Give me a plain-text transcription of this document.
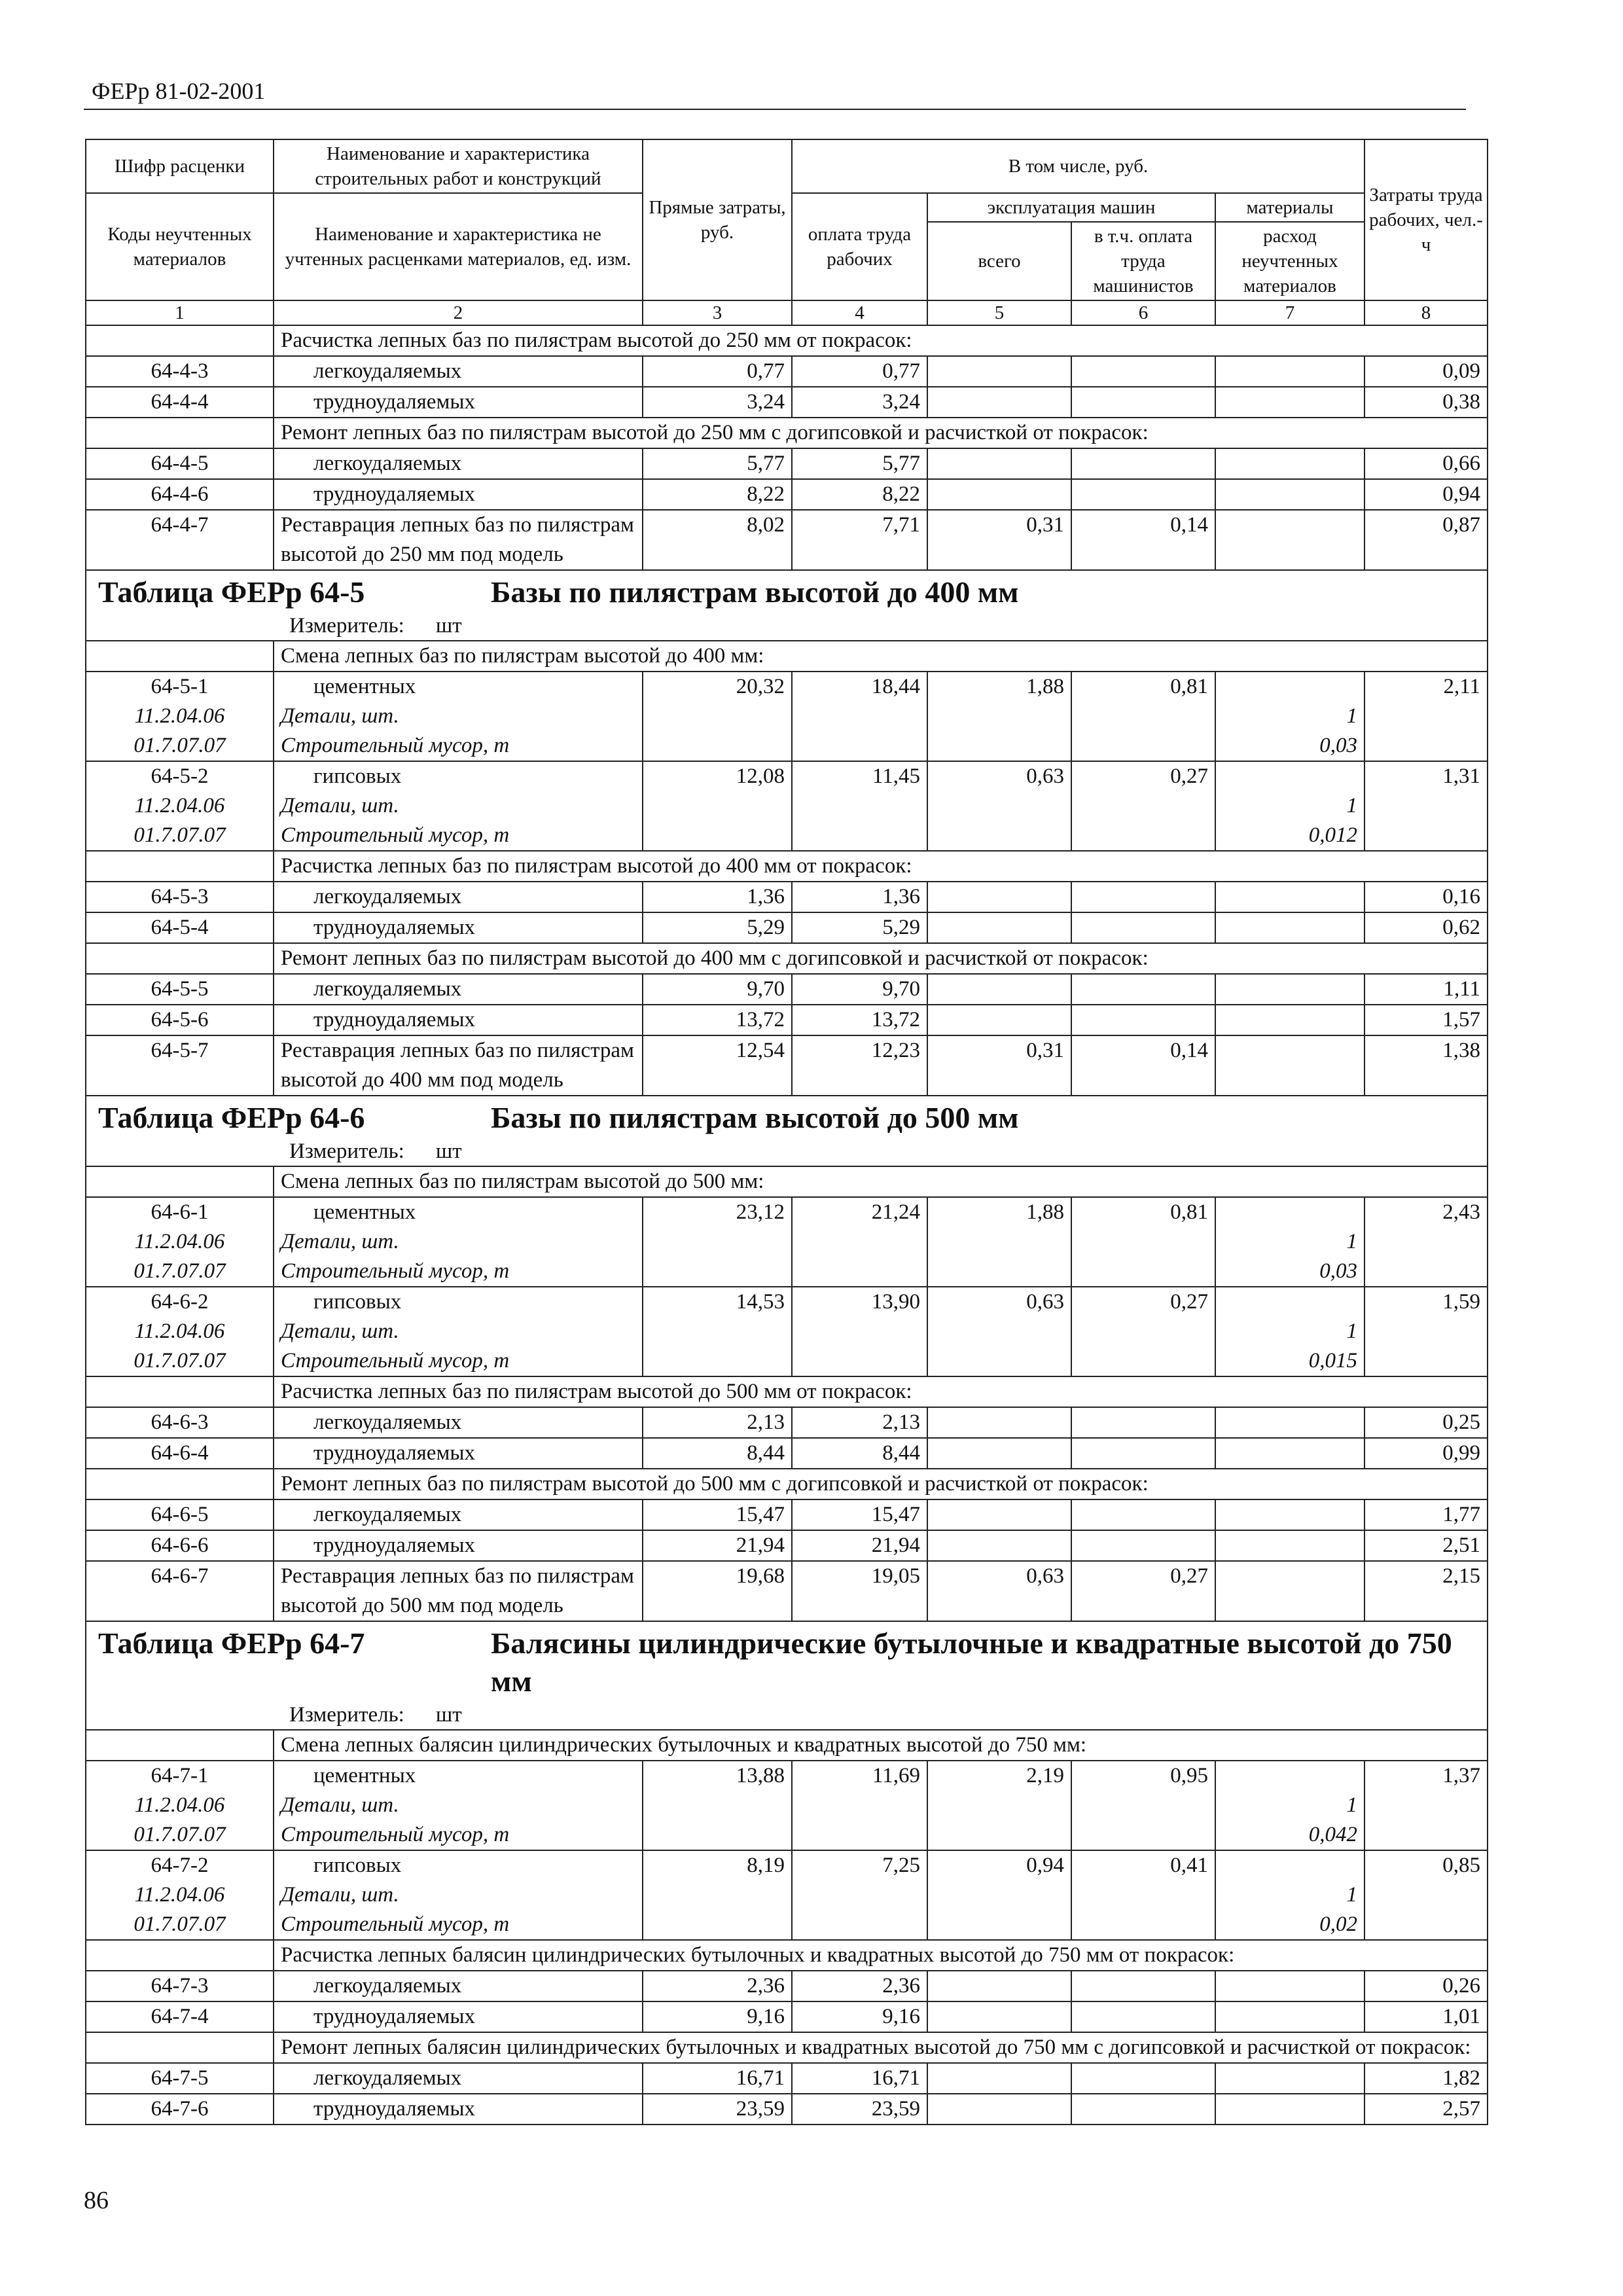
ФЕРр 81-02-2001
Шифр расценки	Наименование и характеристика строительных работ и конструкций	Прямые затраты, руб.	В том числе, руб.				Затраты труда рабочих, чел.-ч
Коды неучтенных материалов	Наименование и характеристика не учтенных расценками материалов, ед. изм.		оплата труда рабочих	эксплуатация машин		материалы	
				всего	в т.ч. оплата труда машинистов	расход неучтенных материалов	
1	2	3	4	5	6	7	8
	Расчистка лепных баз по пилястрам высотой до 250 мм от покрасок:						
64-4-3	легкоудаляемых	0,77	0,77				0,09
64-4-4	трудноудаляемых	3,24	3,24				0,38
	Ремонт лепных баз по пилястрам высотой до 250 мм с догипсовкой и расчисткой от покрасок:						
64-4-5	легкоудаляемых	5,77	5,77				0,66
64-4-6	трудноудаляемых	8,22	8,22				0,94
64-4-7	Реставрация лепных баз по пилястрам высотой до 250 мм под модель	8,02	7,71	0,31	0,14		0,87

Таблица ФЕРр 64-5 Базы по пилястрам высотой до 400 мм
Измеритель: шт							

	Смена лепных баз по пилястрам высотой до 400 мм:						
64-5-1	цементных	20,32	18,44	1,88	0,81		2,11
11.2.04.06	Детали, шт.					1	
01.7.07.07	Строительный мусор, т					0,03	
64-5-2	гипсовых	12,08	11,45	0,63	0,27		1,31
11.2.04.06	Детали, шт.					1	
01.7.07.07	Строительный мусор, т					0,012	
	Расчистка лепных баз по пилястрам высотой до 400 мм от покрасок:						
64-5-3	легкоудаляемых	1,36	1,36				0,16
64-5-4	трудноудаляемых	5,29	5,29				0,62
	Ремонт лепных баз по пилястрам высотой до 400 мм с догипсовкой и расчисткой от покрасок:						
64-5-5	легкоудаляемых	9,70	9,70				1,11
64-5-6	трудноудаляемых	13,72	13,72				1,57
64-5-7	Реставрация лепных баз по пилястрам высотой до 400 мм под модель	12,54	12,23	0,31	0,14		1,38

Таблица ФЕРр 64-6 Базы по пилястрам высотой до 500 мм
Измеритель: шт							

	Смена лепных баз по пилястрам высотой до 500 мм:						
64-6-1	цементных	23,12	21,24	1,88	0,81		2,43
11.2.04.06	Детали, шт.					1	
01.7.07.07	Строительный мусор, т					0,03	
64-6-2	гипсовых	14,53	13,90	0,63	0,27		1,59
11.2.04.06	Детали, шт.					1	
01.7.07.07	Строительный мусор, т					0,015	
	Расчистка лепных баз по пилястрам высотой до 500 мм от покрасок:						
64-6-3	легкоудаляемых	2,13	2,13				0,25
64-6-4	трудноудаляемых	8,44	8,44				0,99
	Ремонт лепных баз по пилястрам высотой до 500 мм с догипсовкой и расчисткой от покрасок:						
64-6-5	легкоудаляемых	15,47	15,47				1,77
64-6-6	трудноудаляемых	21,94	21,94				2,51
64-6-7	Реставрация лепных баз по пилястрам высотой до 500 мм под модель	19,68	19,05	0,63	0,27		2,15

Таблица ФЕРр 64-7 Балясины цилиндрические бутылочные и квадратные высотой до 750 мм
Измеритель: шт							

	Смена лепных балясин цилиндрических бутылочных и квадратных высотой до 750 мм:						
64-7-1	цементных	13,88	11,69	2,19	0,95		1,37
11.2.04.06	Детали, шт.					1	
01.7.07.07	Строительный мусор, т					0,042	
64-7-2	гипсовых	8,19	7,25	0,94	0,41		0,85
11.2.04.06	Детали, шт.					1	
01.7.07.07	Строительный мусор, т					0,02	
	Расчистка лепных балясин цилиндрических бутылочных и квадратных высотой до 750 мм от покрасок:						
64-7-3	легкоудаляемых	2,36	2,36				0,26
64-7-4	трудноудаляемых	9,16	9,16				1,01
	Ремонт лепных балясин цилиндрических бутылочных и квадратных высотой до 750 мм с догипсовкой и расчисткой от покрасок:						
64-7-5	легкоудаляемых	16,71	16,71				1,82
64-7-6	трудноудаляемых	23,59	23,59				2,57
86
